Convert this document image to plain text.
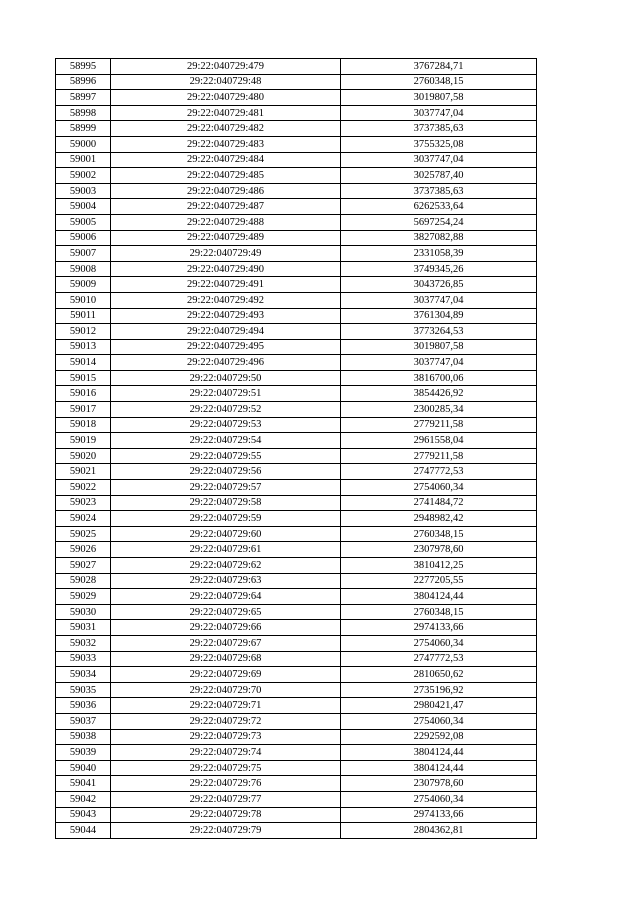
58995	29:22:040729:479	3767284,71
58996	29:22:040729:48	2760348,15
58997	29:22:040729:480	3019807,58
58998	29:22:040729:481	3037747,04
58999	29:22:040729:482	3737385,63
59000	29:22:040729:483	3755325,08
59001	29:22:040729:484	3037747,04
59002	29:22:040729:485	3025787,40
59003	29:22:040729:486	3737385,63
59004	29:22:040729:487	6262533,64
59005	29:22:040729:488	5697254,24
59006	29:22:040729:489	3827082,88
59007	29:22:040729:49	2331058,39
59008	29:22:040729:490	3749345,26
59009	29:22:040729:491	3043726,85
59010	29:22:040729:492	3037747,04
59011	29:22:040729:493	3761304,89
59012	29:22:040729:494	3773264,53
59013	29:22:040729:495	3019807,58
59014	29:22:040729:496	3037747,04
59015	29:22:040729:50	3816700,06
59016	29:22:040729:51	3854426,92
59017	29:22:040729:52	2300285,34
59018	29:22:040729:53	2779211,58
59019	29:22:040729:54	2961558,04
59020	29:22:040729:55	2779211,58
59021	29:22:040729:56	2747772,53
59022	29:22:040729:57	2754060,34
59023	29:22:040729:58	2741484,72
59024	29:22:040729:59	2948982,42
59025	29:22:040729:60	2760348,15
59026	29:22:040729:61	2307978,60
59027	29:22:040729:62	3810412,25
59028	29:22:040729:63	2277205,55
59029	29:22:040729:64	3804124,44
59030	29:22:040729:65	2760348,15
59031	29:22:040729:66	2974133,66
59032	29:22:040729:67	2754060,34
59033	29:22:040729:68	2747772,53
59034	29:22:040729:69	2810650,62
59035	29:22:040729:70	2735196,92
59036	29:22:040729:71	2980421,47
59037	29:22:040729:72	2754060,34
59038	29:22:040729:73	2292592,08
59039	29:22:040729:74	3804124,44
59040	29:22:040729:75	3804124,44
59041	29:22:040729:76	2307978,60
59042	29:22:040729:77	2754060,34
59043	29:22:040729:78	2974133,66
59044	29:22:040729:79	2804362,81
